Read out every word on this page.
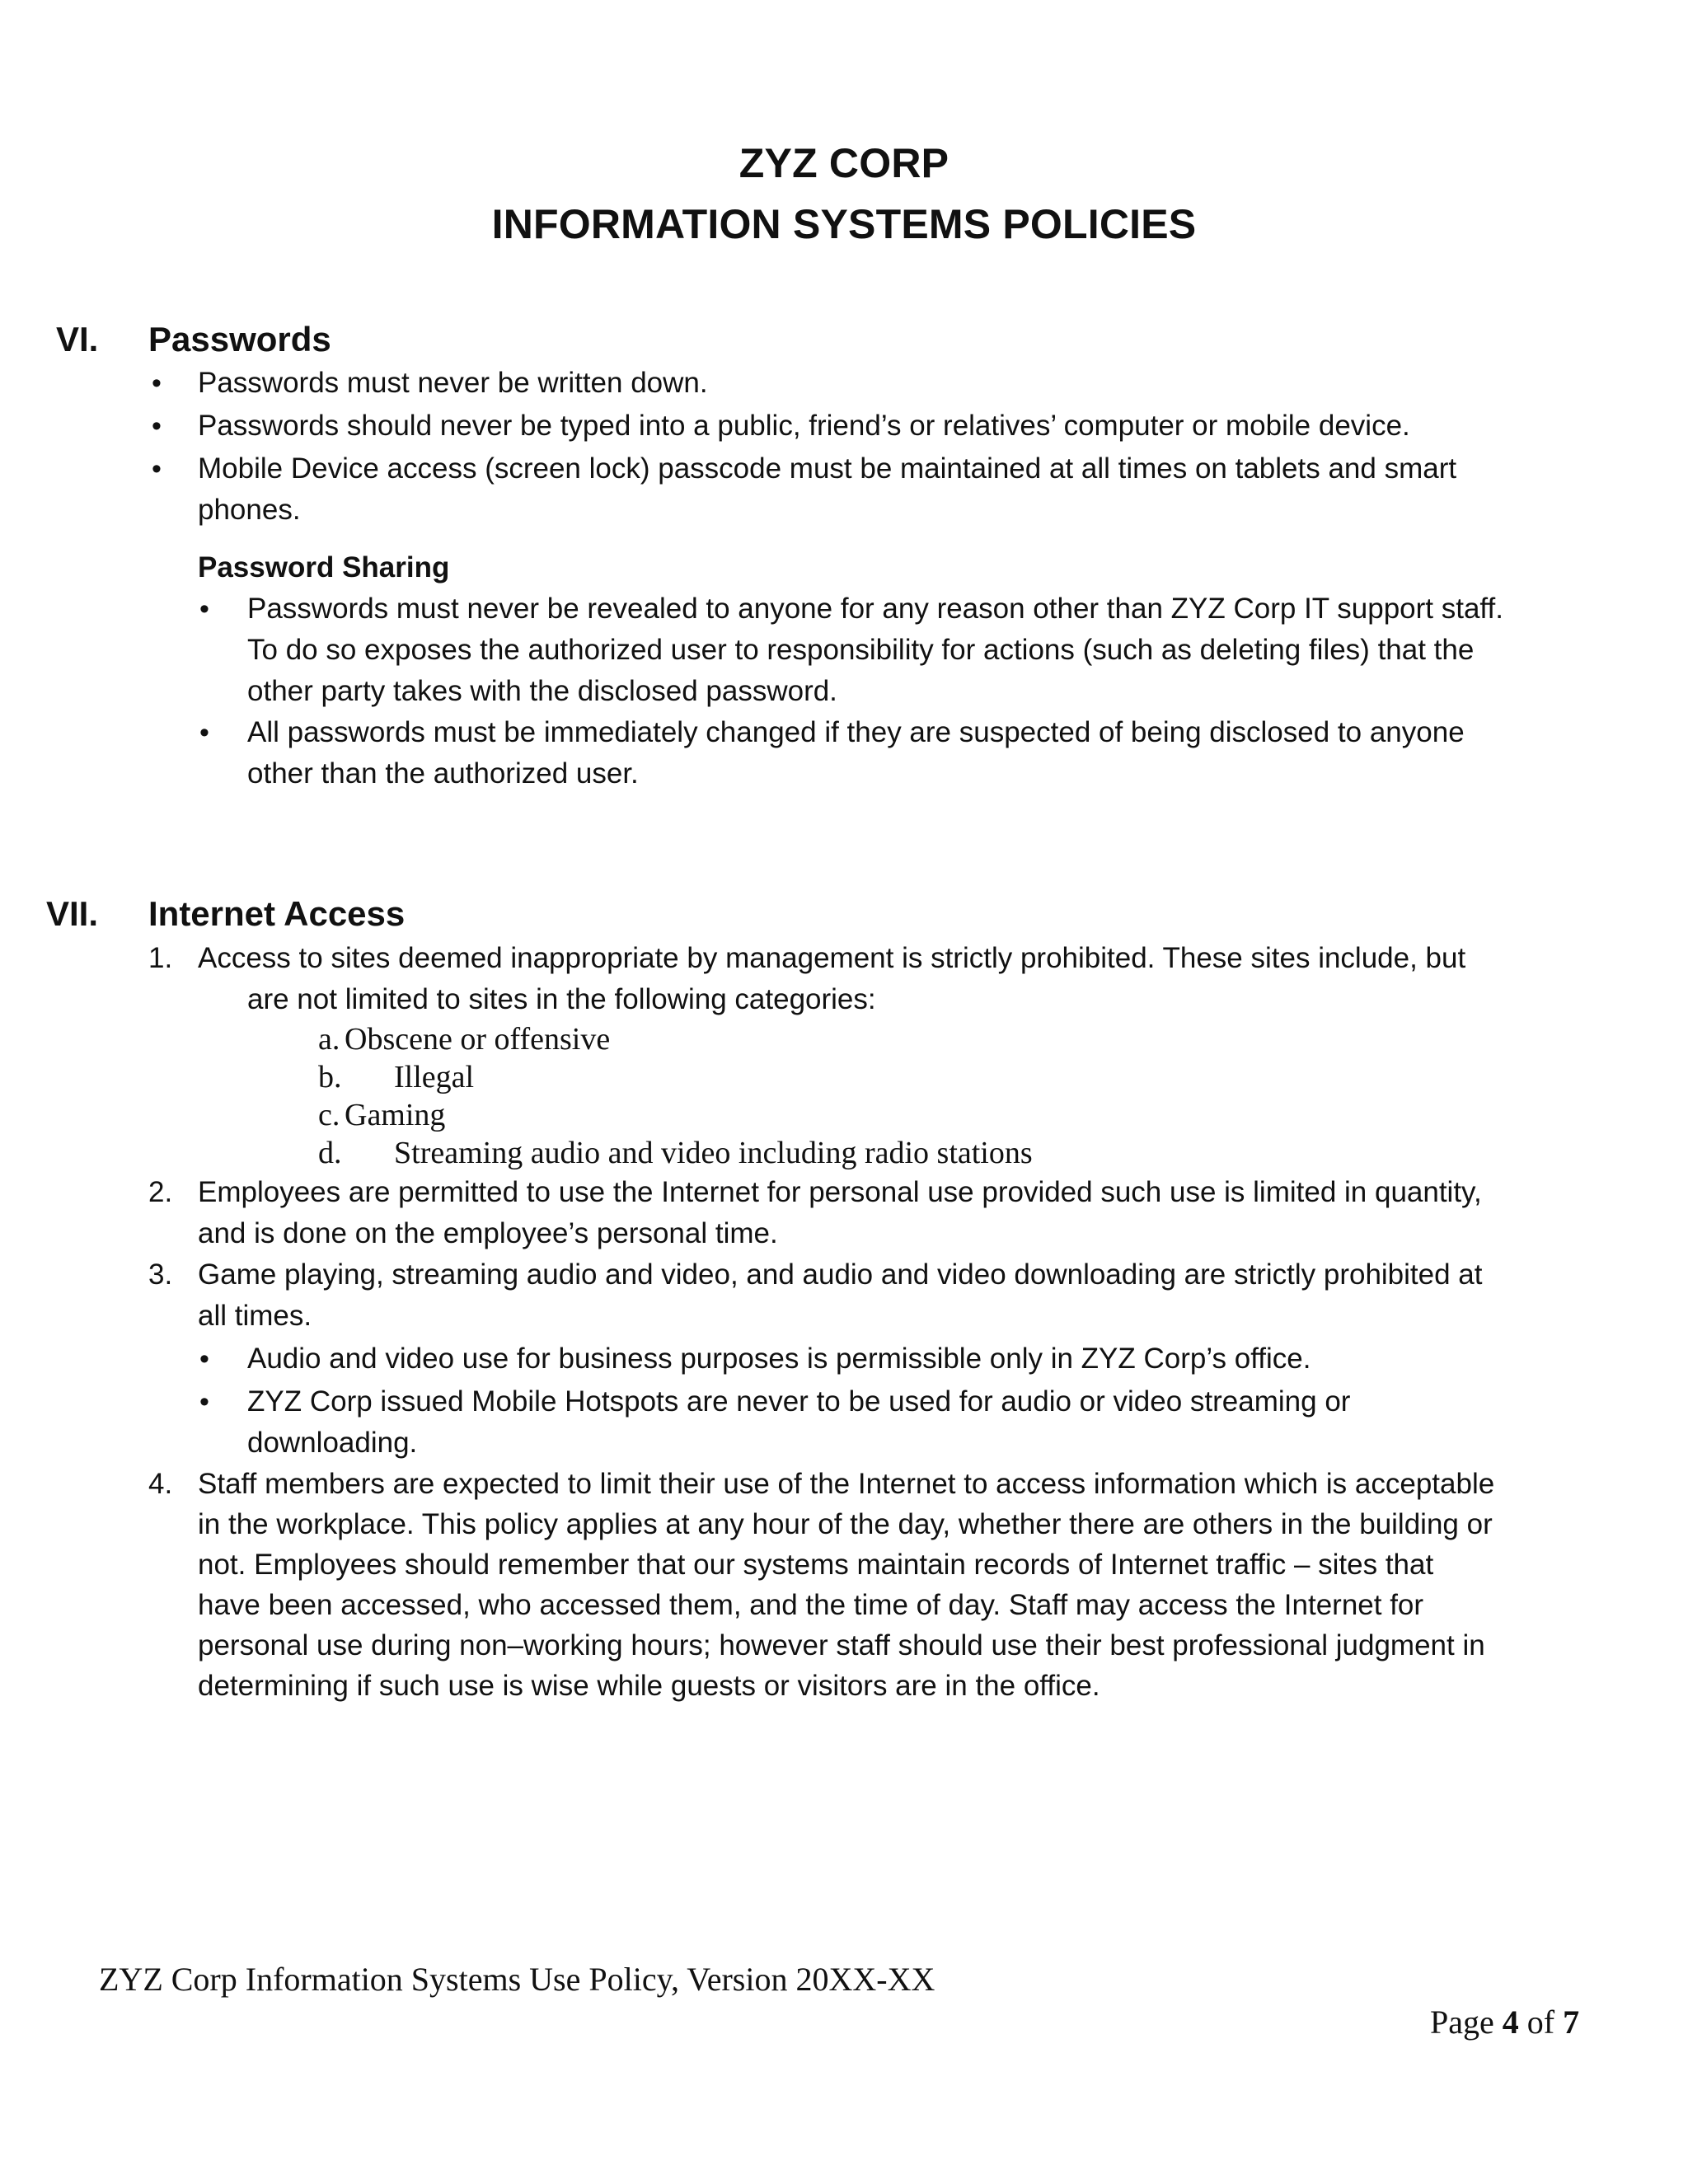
ZYZ CORP
INFORMATION SYSTEMS POLICIES
VI. Passwords
• Passwords must never be written down.
• Passwords should never be typed into a public, friend’s or relatives’ computer or mobile device.
• Mobile Device access (screen lock) passcode must be maintained at all times on tablets and smart
phones.
Password Sharing
• Passwords must never be revealed to anyone for any reason other than ZYZ Corp IT support staff.
To do so exposes the authorized user to responsibility for actions (such as deleting files) that the
other party takes with the disclosed password.
• All passwords must be immediately changed if they are suspected of being disclosed to anyone
other than the authorized user.
VII. Internet Access
1. Access to sites deemed inappropriate by management is strictly prohibited. These sites include, but
are not limited to sites in the following categories:
a. Obscene or offensive
b. Illegal
c. Gaming
d. Streaming audio and video including radio stations
2. Employees are permitted to use the Internet for personal use provided such use is limited in quantity,
and is done on the employee’s personal time.
3. Game playing, streaming audio and video, and audio and video downloading are strictly prohibited at
all times.
• Audio and video use for business purposes is permissible only in ZYZ Corp’s office.
• ZYZ Corp issued Mobile Hotspots are never to be used for audio or video streaming or
downloading.
4. Staff members are expected to limit their use of the Internet to access information which is acceptable
in the workplace. This policy applies at any hour of the day, whether there are others in the building or
not. Employees should remember that our systems maintain records of Internet traffic – sites that
have been accessed, who accessed them, and the time of day. Staff may access the Internet for
personal use during non–working hours; however staff should use their best professional judgment in
determining if such use is wise while guests or visitors are in the office.
ZYZ Corp Information Systems Use Policy, Version 20XX-XX
Page 4 of 7
